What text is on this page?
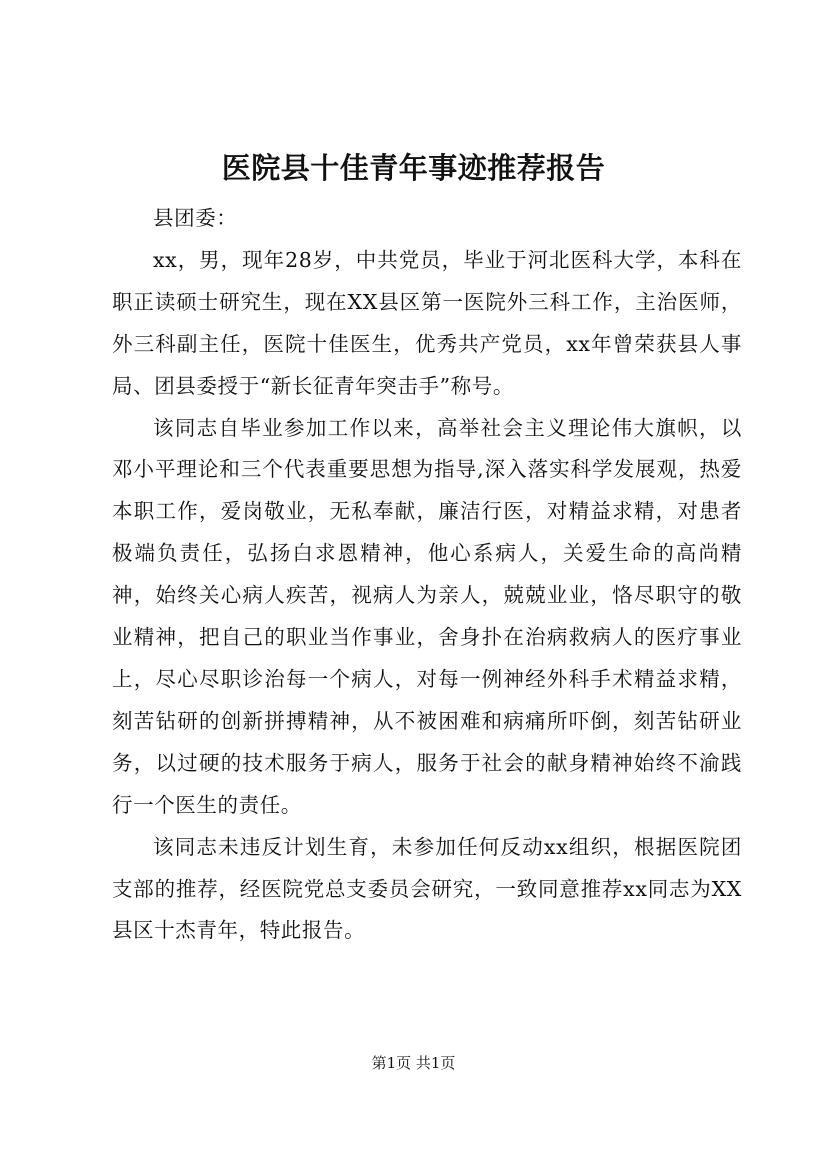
医院县十佳青年事迹推荐报告

县团委：

xx，男，现年28岁，中共党员，毕业于河北医科大学，本科在职正读硕士研究生，现在XX县区第一医院外三科工作，主治医师，外三科副主任，医院十佳医生，优秀共产党员，xx年曾荣获县人事局、团县委授于“新长征青年突击手”称号。

该同志自毕业参加工作以来，高举社会主义理论伟大旗帜，以邓小平理论和三个代表重要思想为指导,深入落实科学发展观，热爱本职工作，爱岗敬业，无私奉献，廉洁行医，对精益求精，对患者极端负责任，弘扬白求恩精神，他心系病人，关爱生命的高尚精神，始终关心病人疾苦，视病人为亲人，兢兢业业，恪尽职守的敬业精神，把自己的职业当作事业，舍身扑在治病救病人的医疗事业上，尽心尽职诊治每一个病人，对每一例神经外科手术精益求精，刻苦钻研的创新拼搏精神，从不被困难和病痛所吓倒，刻苦钻研业务，以过硬的技术服务于病人，服务于社会的献身精神始终不渝践行一个医生的责任。

该同志未违反计划生育，未参加任何反动xx组织，根据医院团支部的推荐，经医院党总支委员会研究，一致同意推荐xx同志为XX县区十杰青年，特此报告。

第1页 共1页
